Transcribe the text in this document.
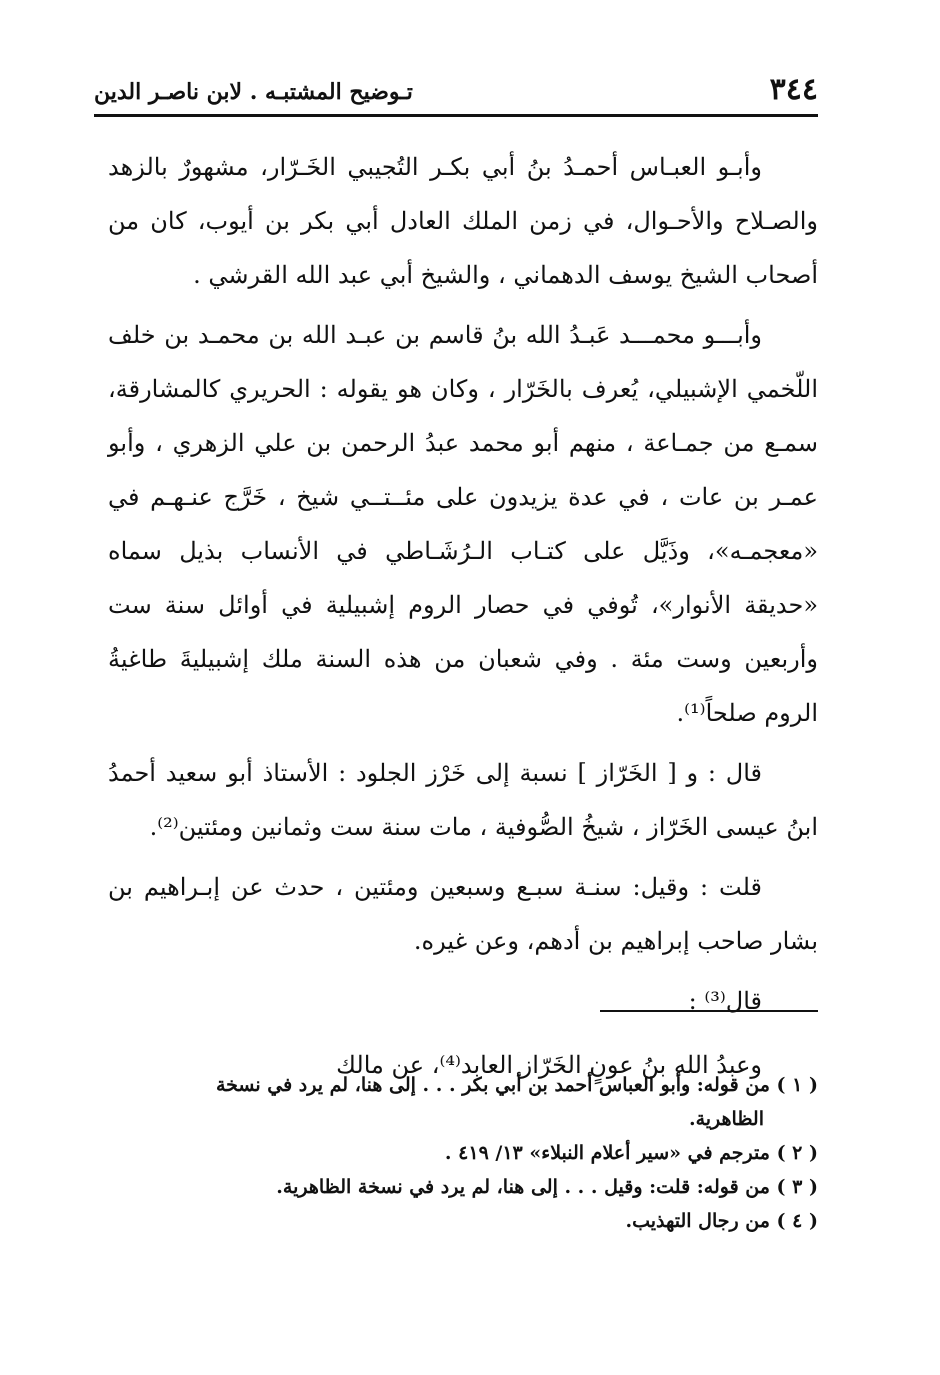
٣٤٤
تـوضيح المشتبـه . لابن ناصـر الدين

وأبـو العبـاس أحمـدُ بنُ أبي بكـر التُجيبي الخَـرّار، مشهورٌ بالزهد والصـلاح والأحـوال، في زمن الملك العادل أبي بكر بن أيوب، كان من أصحاب الشيخ يوسف الدهماني ، والشيخ أبي عبد الله القرشي .

وأبـــو محمـــد عَبـدُ الله بنُ قاسم بن عبـد الله بن محمـد بن خلف اللّخمي الإشبيلي، يُعرف بالخَرّار ، وكان هو يقوله : الحريري كالمشارقة، سمـع من جمـاعة ، منهم أبو محمد عبدُ الرحمن بن علي الزهري ، وأبو عمـر بن عات ، في عدة يزيدون على مئــتــي شيخ ، خَرَّج عنـهـم في «معجمـه»، وذَيَّل على كتـاب الـرُشَـاطي في الأنساب بذيل سماه «حديقة الأنوار»، تُوفي في حصار الروم إشبيلية في أوائل سنة ست وأربعين وست مئة . وفي شعبان من هذه السنة ملك إشبيليةَ طاغيةُ الروم صلحاً⁽¹⁾.

قال : و [ الخَرّاز ] نسبة إلى خَرْز الجلود : الأستاذ أبو سعيد أحمدُ ابنُ عيسى الخَرّاز ، شيخُ الصُّوفية ، مات سنة ست وثمانين ومئتين⁽²⁾.

قلت : وقيل: سنـة سبـع وسبعين ومئتين ، حدث عن إبـراهيم بن بشار صاحب إبراهيم بن أدهم، وعن غيره.

قال⁽³⁾ :

وعبدُ الله بنُ عونٍ الخَرّاز العابد⁽⁴⁾، عن مالك

( ١ ) من قوله: وأبو العباس أحمد بن أبي بكر . . . إلى هنا، لم يرد في نسخة
الظاهرية.

( ٢ ) مترجم في «سير أعلام النبلاء» ١٣/ ٤١٩ .

( ٣ ) من قوله: قلت: وقيل . . . إلى هنا، لم يرد في نسخة الظاهرية.

( ٤ ) من رجال التهذيب.
